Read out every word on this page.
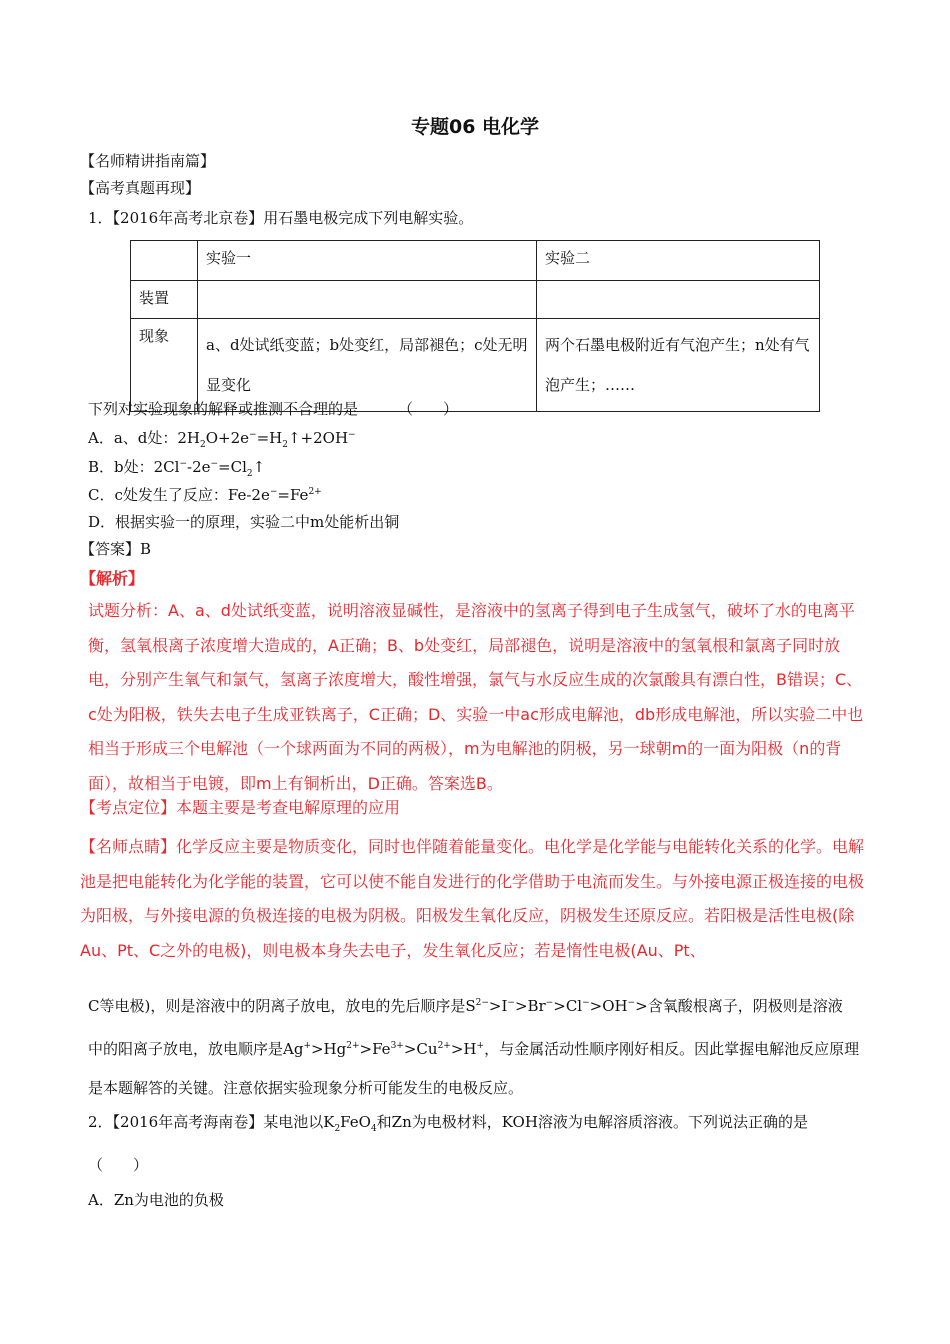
专题06 电化学
【名师精讲指南篇】
【高考真题再现】
1．【2016年高考北京卷】用石墨电极完成下列电解实验。
	实验一	实验二
装置		
现象	a、d处试纸变蓝；b处变红，局部褪色；c处无明显变化	两个石墨电极附近有气泡产生；n处有气泡产生；……
下列对实验现象的解释或推测不合理的是	（　　）
A．a、d处：$2H_2O+2e^-=H_2↑+2OH^-$
B．b处：$2Cl^--2e^-=Cl_2↑$
C．c处发生了反应：$Fe-2e^-=Fe^{2+}$
D．根据实验一的原理，实验二中m处能析出铜
【答案】B
【解析】
试题分析：A、a、d处试纸变蓝，说明溶液显碱性，是溶液中的氢离子得到电子生成氢气，破坏了水的电离平衡，氢氧根离子浓度增大造成的，A正确；B、b处变红，局部褪色，说明是溶液中的氢氧根和氯离子同时放电，分别产生氧气和氯气，氢离子浓度增大，酸性增强，氯气与水反应生成的次氯酸具有漂白性，B错误；C、c处为阳极，铁失去电子生成亚铁离子，C正确；D、实验一中ac形成电解池，db形成电解池，所以实验二中也相当于形成三个电解池（一个球两面为不同的两极），m为电解池的阴极，另一球朝m的一面为阳极（n的背面），故相当于电镀，即m上有铜析出，D正确。答案选B。
【考点定位】本题主要是考查电解原理的应用
【名师点睛】化学反应主要是物质变化，同时也伴随着能量变化。电化学是化学能与电能转化关系的化学。电解池是把电能转化为化学能的装置，它可以使不能自发进行的化学借助于电流而发生。与外接电源正极连接的电极为阳极，与外接电源的负极连接的电极为阴极。阳极发生氧化反应，阴极发生还原反应。若阳极是活性电极(除Au、Pt、C之外的电极)，则电极本身失去电子，发生氧化反应；若是惰性电极(Au、Pt、
C等电极)，则是溶液中的阴离子放电，放电的先后顺序是$S^{2-}>I^->Br^->Cl^->OH^->$含氧酸根离子，阴极则是溶液
中的阳离子放电，放电顺序是$Ag^+>Hg^{2+}>Fe^{3+}>Cu^{2+}>H^+$，与金属活动性顺序刚好相反。因此掌握电解池反应原理
是本题解答的关键。注意依据实验现象分析可能发生的电极反应。
2．【2016年高考海南卷】某电池以$K_2FeO_4$和Zn为电极材料，KOH溶液为电解溶质溶液。下列说法正确的是
（　　）
A．Zn为电池的负极
